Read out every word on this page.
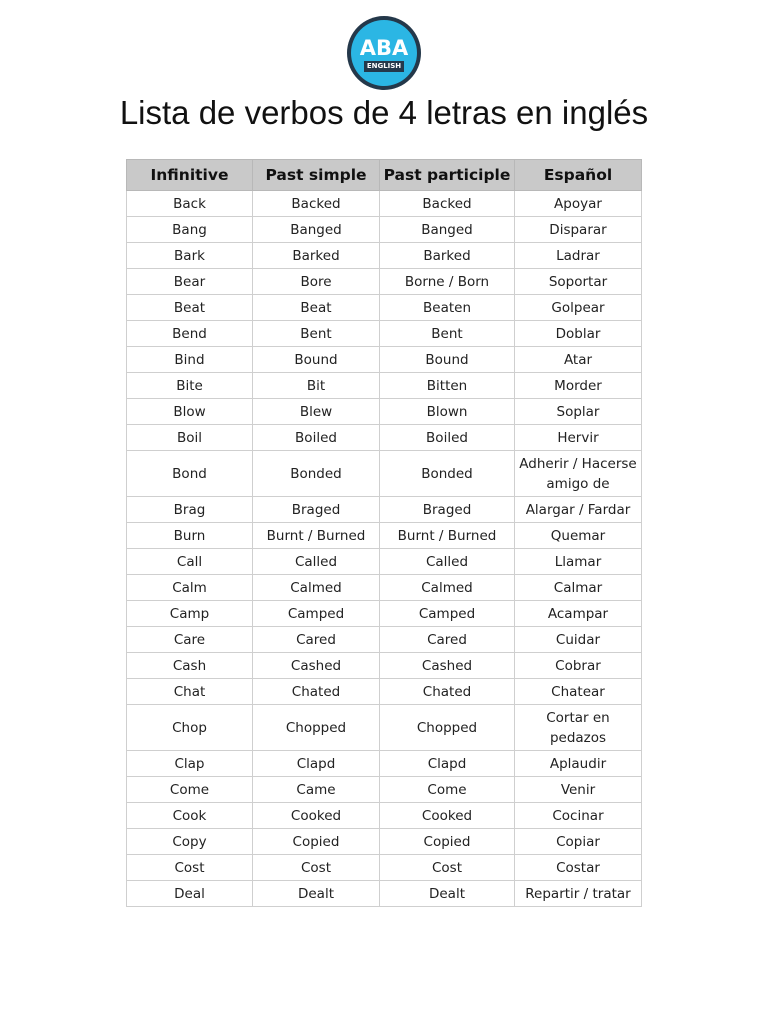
ABA
ENGLISH
Lista de verbos de 4 letras en inglés
Infinitive	Past simple	Past participle	Español
Back	Backed	Backed	Apoyar
Bang	Banged	Banged	Disparar
Bark	Barked	Barked	Ladrar
Bear	Bore	Borne / Born	Soportar
Beat	Beat	Beaten	Golpear
Bend	Bent	Bent	Doblar
Bind	Bound	Bound	Atar
Bite	Bit	Bitten	Morder
Blow	Blew	Blown	Soplar
Boil	Boiled	Boiled	Hervir
Bond	Bonded	Bonded	Adherir / Hacerse amigo de
Brag	Braged	Braged	Alargar / Fardar
Burn	Burnt / Burned	Burnt / Burned	Quemar
Call	Called	Called	Llamar
Calm	Calmed	Calmed	Calmar
Camp	Camped	Camped	Acampar
Care	Cared	Cared	Cuidar
Cash	Cashed	Cashed	Cobrar
Chat	Chated	Chated	Chatear
Chop	Chopped	Chopped	Cortar en pedazos
Clap	Clapd	Clapd	Aplaudir
Come	Came	Come	Venir
Cook	Cooked	Cooked	Cocinar
Copy	Copied	Copied	Copiar
Cost	Cost	Cost	Costar
Deal	Dealt	Dealt	Repartir / tratar
